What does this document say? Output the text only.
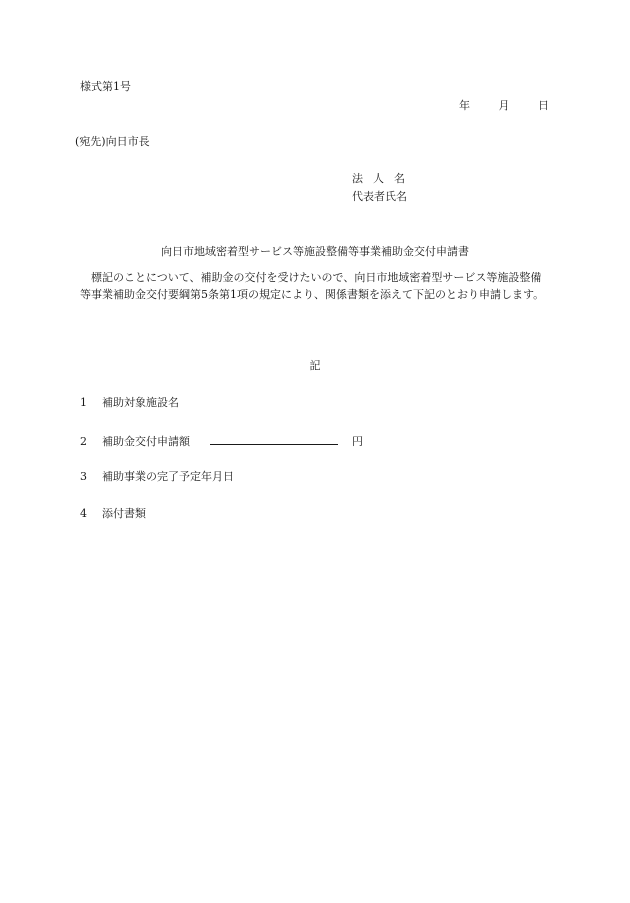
様式第1号
年	月	日
(宛先)向日市長
法人名
代表者氏名
向日市地域密着型サービス等施設整備等事業補助金交付申請書
標記のことについて、補助金の交付を受けたいので、向日市地域密着型サービス等施設整備等事業補助金交付要綱第5条第1項の規定により、関係書類を添えて下記のとおり申請します。
記
1 補助対象施設名
2 補助金交付申請額	円
3 補助事業の完了予定年月日
4 添付書類
